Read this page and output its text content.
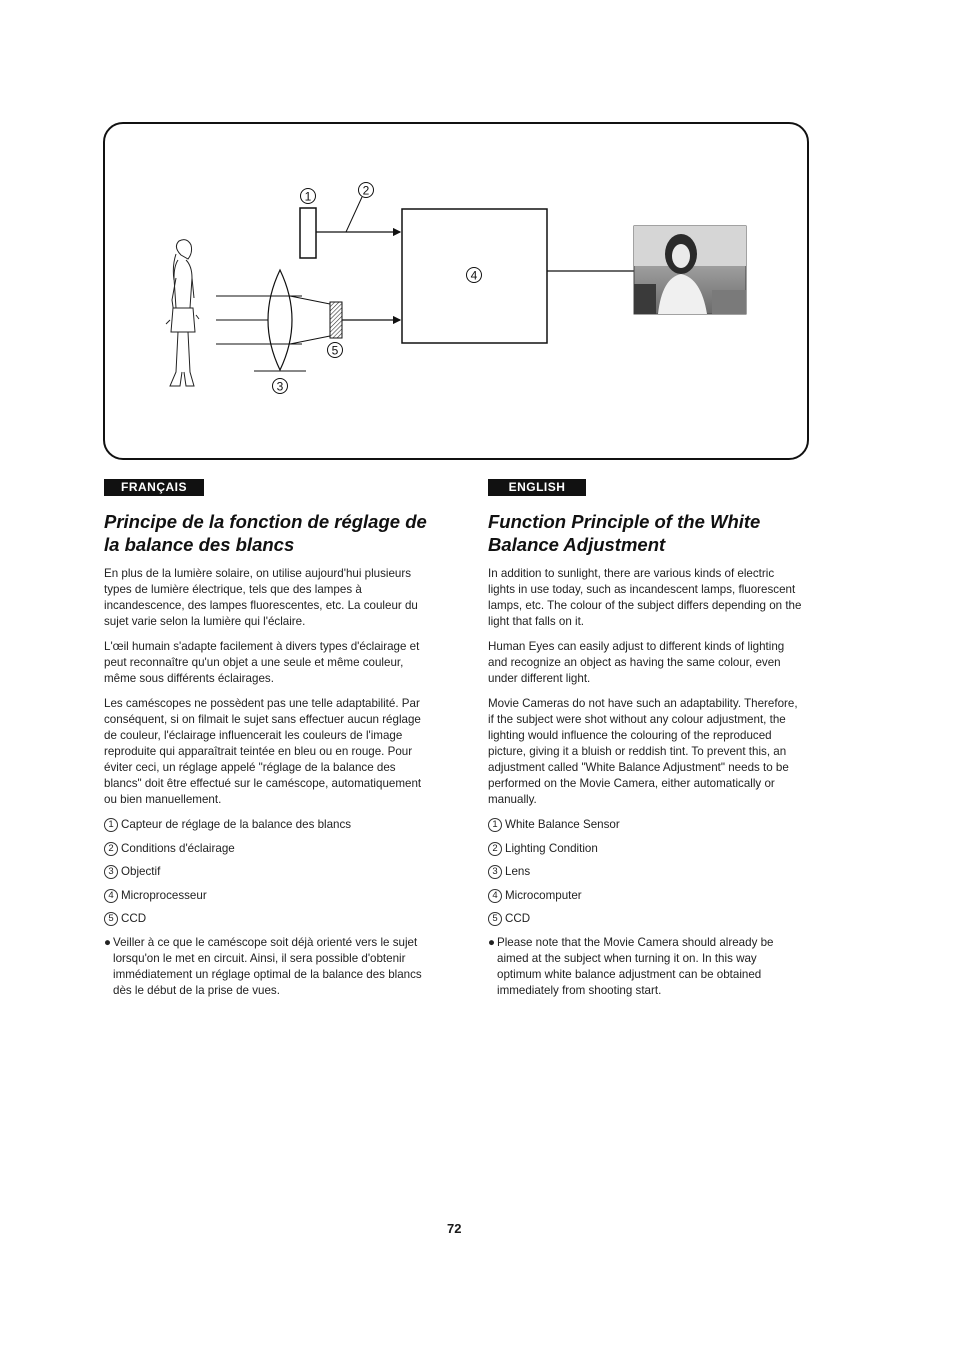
1	2
3
4
5
FRANÇAIS
Principe de la fonction de réglage de la balance des blancs

En plus de la lumière solaire, on utilise aujourd'hui plusieurs types de lumière électrique, tels que des lampes à incandescence, des lampes fluorescentes, etc. La couleur du sujet varie selon la lumière qui l'éclaire.

L'œil humain s'adapte facilement à divers types d'éclairage et peut reconnaître qu'un objet a une seule et même couleur, même sous différents éclairages.

Les caméscopes ne possèdent pas une telle adaptabilité. Par conséquent, si on filmait le sujet sans effectuer aucun réglage de couleur, l'éclairage influencerait les couleurs de l'image reproduite qui apparaîtrait teintée en bleu ou en rouge. Pour éviter ceci, un réglage appelé "réglage de la balance des blancs" doit être effectué sur le caméscope, automatiquement ou bien manuellement.

1 Capteur de réglage de la balance des blancs
2 Conditions d'éclairage
3 Objectif
4 Microprocesseur
5 CCD
● Veiller à ce que le caméscope soit déjà orienté vers le sujet lorsqu'on le met en circuit. Ainsi, il sera possible d'obtenir immédiatement un réglage optimal de la balance des blancs dès le début de la prise de vues.
ENGLISH
Function Principle of the White Balance Adjustment

In addition to sunlight, there are various kinds of electric lights in use today, such as incandescent lamps, fluorescent lamps, etc. The colour of the subject differs depending on the light that falls on it.

Human Eyes can easily adjust to different kinds of lighting and recognize an object as having the same colour, even under different light.

Movie Cameras do not have such an adaptability. Therefore, if the subject were shot without any colour adjustment, the lighting would influence the colouring of the reproduced picture, giving it a bluish or reddish tint. To prevent this, an adjustment called "White Balance Adjustment" needs to be performed on the Movie Camera, either automatically or manually.

1 White Balance Sensor
2 Lighting Condition
3 Lens
4 Microcomputer
5 CCD
● Please note that the Movie Camera should already be aimed at the subject when turning it on. In this way optimum white balance adjustment can be obtained immediately from shooting start.
72
